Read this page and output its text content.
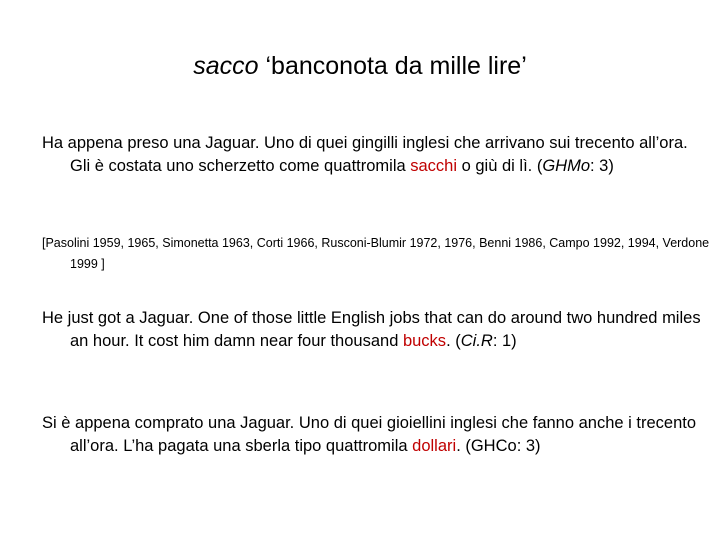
sacco ‘banconota da mille lire’
Ha appena preso una Jaguar. Uno di quei gingilli inglesi che arrivano sui trecento all’ora. Gli è costata uno scherzetto come quattromila sacchi o giù di lì. (GHMo: 3)
[Pasolini 1959, 1965, Simonetta 1963, Corti 1966, Rusconi-Blumir 1972, 1976, Benni 1986, Campo 1992, 1994, Verdone 1999 ]
He just got a Jaguar. One of those little English jobs that can do around two hundred miles an hour. It cost him damn near four thousand bucks. (Ci.R: 1)
Si è appena comprato una Jaguar. Uno di quei gioiellini inglesi che fanno anche i trecento all’ora. L’ha pagata una sberla tipo quattromila dollari. (GHCo: 3)
